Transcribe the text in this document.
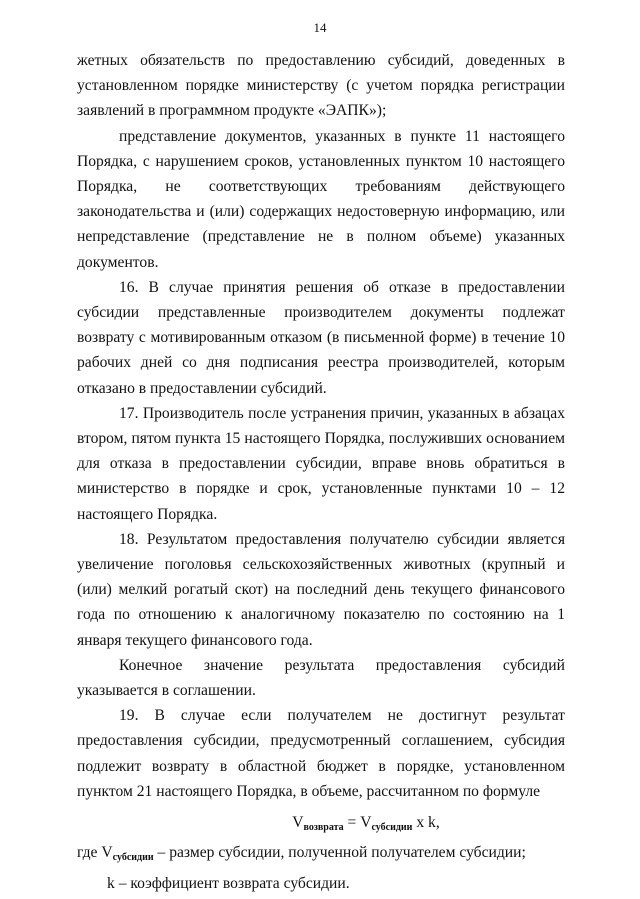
14

жетных обязательств по предоставлению субсидий, доведенных в установленном порядке министерству (с учетом порядка регистрации заявлений в программном продукте «ЭАПК»);

представление документов, указанных в пункте 11 настоящего Порядка, с нарушением сроков, установленных пунктом 10 настоящего Порядка, не соответствующих требованиям действующего законодательства и (или) содержащих недостоверную информацию, или непредставление (представление не в полном объеме) указанных документов.

16. В случае принятия решения об отказе в предоставлении субсидии представленные производителем документы подлежат возврату с мотивированным отказом (в письменной форме) в течение 10 рабочих дней со дня подписания реестра производителей, которым отказано в предоставлении субсидий.

17. Производитель после устранения причин, указанных в абзацах втором, пятом пункта 15 настоящего Порядка, послуживших основанием для отказа в предоставлении субсидии, вправе вновь обратиться в министерство в порядке и срок, установленные пунктами 10 – 12 настоящего Порядка.

18. Результатом предоставления получателю субсидии является увеличение поголовья сельскохозяйственных животных (крупный и (или) мелкий рогатый скот) на последний день текущего финансового года по отношению к аналогичному показателю по состоянию на 1 января текущего финансового года.

Конечное значение результата предоставления субсидий указывается в соглашении.

19. В случае если получателем не достигнут результат предоставления субсидии, предусмотренный соглашением, субсидия подлежит возврату в областной бюджет в порядке, установленном пунктом 21 настоящего Порядка, в объеме, рассчитанном по формуле

$V_{возврата} = V_{субсидии}$ x k,

где $V_{субсидии}$ – размер субсидии, полученной получателем субсидии;

k – коэффициент возврата субсидии.
